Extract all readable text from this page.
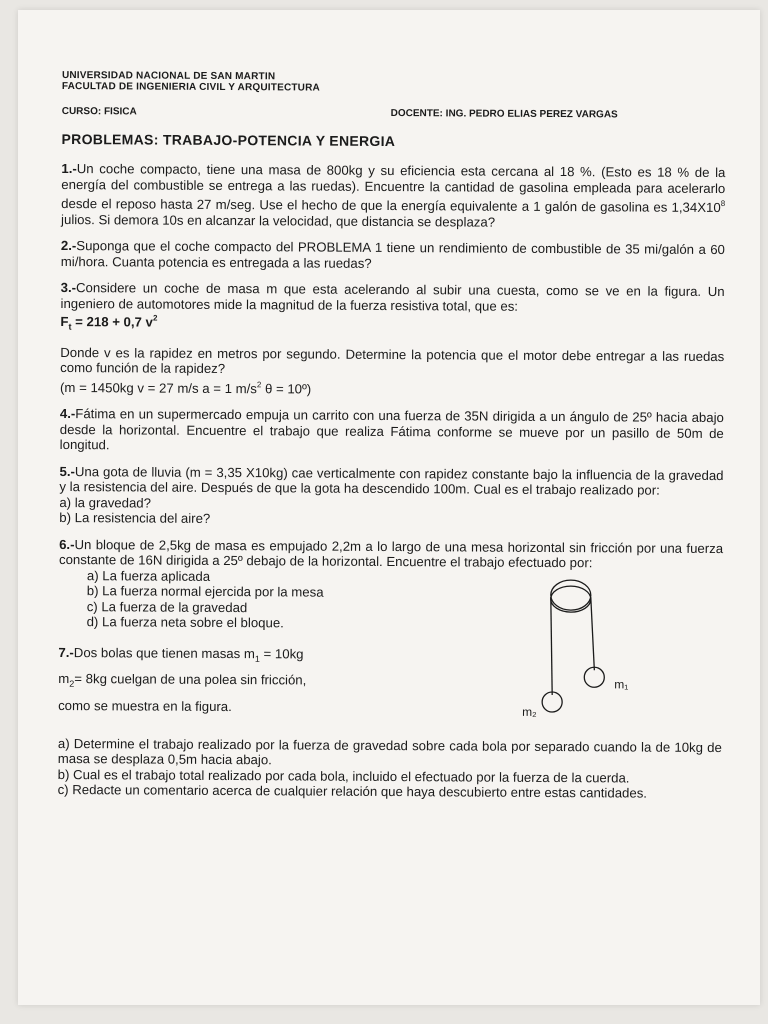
UNIVERSIDAD NACIONAL DE SAN MARTIN
FACULTAD DE INGENIERIA CIVIL Y ARQUITECTURA
CURSO: FISICA	DOCENTE: ING. PEDRO ELIAS PEREZ VARGAS
PROBLEMAS: TRABAJO-POTENCIA Y ENERGIA

1.-Un coche compacto, tiene una masa de 800kg y su eficiencia esta cercana al 18 %. (Esto es 18 % de la energía del combustible se entrega a las ruedas). Encuentre la cantidad de gasolina empleada para acelerarlo desde el reposo hasta 27 m/seg. Use el hecho de que la energía equivalente a 1 galón de gasolina es $1,34X10^8$ julios. Si demora 10s en alcanzar la velocidad, que distancia se desplaza?

2.-Suponga que el coche compacto del PROBLEMA 1 tiene un rendimiento de combustible de 35 mi/galón a 60 mi/hora. Cuanta potencia es entregada a las ruedas?

3.-Considere un coche de masa m que esta acelerando al subir una cuesta, como se ve en la figura. Un ingeniero de automotores mide la magnitud de la fuerza resistiva total, que es:

$F_t = 218 + 0,7$ $v^2$

Donde v es la rapidez en metros por segundo. Determine la potencia que el motor debe entregar a las ruedas como función de la rapidez?

(m = 1450kg v = 27 m/s a = 1 $m/s^2$ θ = 10º)

4.-Fátima en un supermercado empuja un carrito con una fuerza de 35N dirigida a un ángulo de 25º hacia abajo desde la horizontal. Encuentre el trabajo que realiza Fátima conforme se mueve por un pasillo de 50m de longitud.

5.-Una gota de lluvia (m = 3,35 X10kg) cae verticalmente con rapidez constante bajo la influencia de la gravedad y la resistencia del aire. Después de que la gota ha descendido 100m. Cual es el trabajo realizado por:

a) la gravedad?
b) La resistencia del aire?

6.-Un bloque de 2,5kg de masa es empujado 2,2m a lo largo de una mesa horizontal sin fricción por una fuerza constante de 16N dirigida a 25º debajo de la horizontal. Encuentre el trabajo efectuado por:

a) La fuerza aplicada
b) La fuerza normal ejercida por la mesa
c) La fuerza de la gravedad
d) La fuerza neta sobre el bloque.

7.-Dos bolas que tienen masas $m_1 = 10kg$

$m_2= 8kg$ cuelgan de una polea sin fricción,

como se muestra en la figura.

m₁
m₂

a) Determine el trabajo realizado por la fuerza de gravedad sobre cada bola por separado cuando la de 10kg de masa se desplaza 0,5m hacia abajo.

b) Cual es el trabajo total realizado por cada bola, incluido el efectuado por la fuerza de la cuerda.

c) Redacte un comentario acerca de cualquier relación que haya descubierto entre estas cantidades.
